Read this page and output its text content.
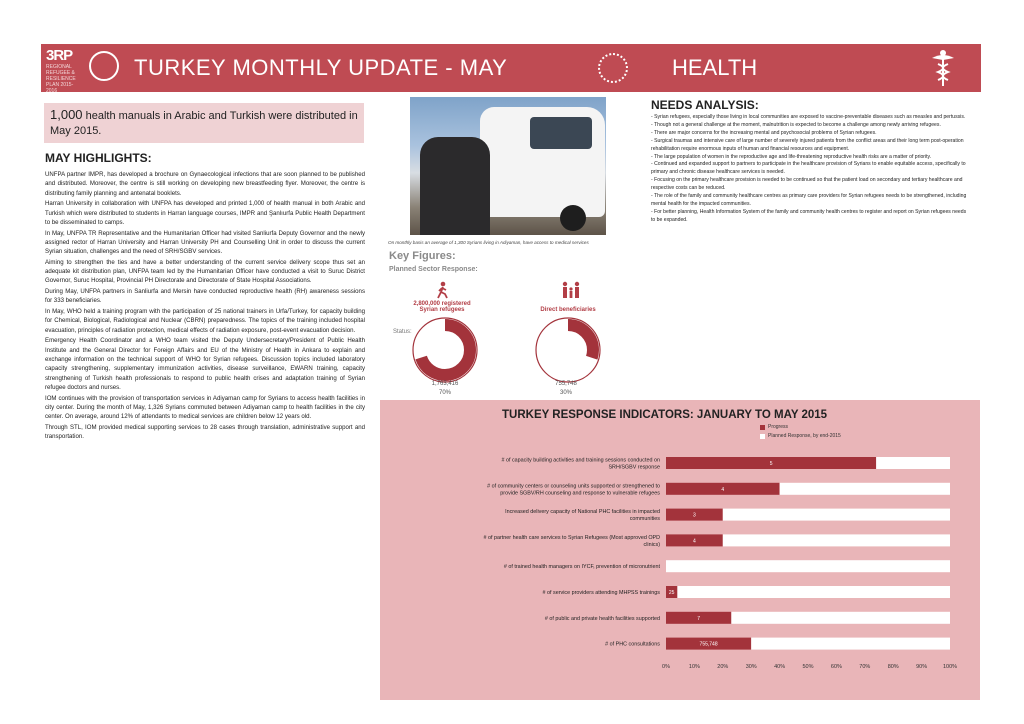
3RP
REGIONAL REFUGEE & RESILIENCE PLAN 2015-2016
TURKEY MONTHLY UPDATE - MAY	HEALTH
1,000 health manuals in Arabic and Turkish were distributed in May 2015.
MAY HIGHLIGHTS:

UNFPA partner IMPR, has developed a brochure on Gynaecological infections that are soon planned to be published and distributed. Moreover, the centre is still working on developing new breastfeeding flyer. Moreover, the centre is distributing family planning and antenatal booklets.

Harran University in collaboration with UNFPA has developed and printed 1,000 of health manual in both Arabic and Turkish which were distributed to students in Harran language courses, IMPR and Şanlıurfa Public Health Department to be disseminated to camps.

In May, UNFPA TR Representative and the Humanitarian Officer had visited Sanliurfa Deputy Governor and the newly assigned rector of Harran University and Harran University PH and Counselling Unit in order to discuss the current Syrian situation, challenges and the need of SRH/SGBV services.

Aiming to strengthen the ties and have a better understanding of the current service delivery scope thus set an adequate kit distribution plan, UNFPA team led by the Humanitarian Officer have conducted a visit to Suruc District Governor, Suruc Hospital, Provincial PH Directorate and Directorate of State Hospital Associations.

During May, UNFPA partners in Sanliurfa and Mersin have conducted reproductive health (RH) awareness sessions for 333 beneficiaries.

In May, WHO held a training program with the participation of 25 national trainers in Urfa/Turkey, for capacity building for Chemical, Biological, Radiological and Nuclear (CBRN) preparedness. The topics of the training included hospital evacuation, principles of radiation protection, medical effects of radiation exposure, post-event evacuation decision.

Emergency Health Coordinator and a WHO team visited the Deputy Undersecretary/President of Public Health Institute and the General Director for Foreign Affairs and EU of the Ministry of Health in Ankara to explain and exchange information on the technical support of WHO for Syrian refugees. Discussion topics included laboratory capacity strengthening, supplementary immunization activities, disease surveillance, EWARN training, capacity strengthening of Turkish health professionals to respond to public health crises and adaptation training of Syrian refugee doctors and nurses.

IOM continues with the provision of transportation services in Adiyaman camp for Syrians to access health facilities in city center. During the month of May, 1,326 Syrians commuted between Adiyaman camp to health facilities in the city center. On average, around 12% of attendants to medical services are children below 12 years old.

Through STL, IOM provided medical supporting services to 28 cases through translation, administrative support and transportation.

On monthly basis an average of 1,300 Syrians living in Adiyaman, have access to medical services
Key Figures:
Planned Sector Response:
Status:
2,800,000 registered Syrian refugees	Direct beneficiaries
1,763,416
70%
755,748
30%
NEEDS ANALYSIS:
- Syrian refugees, especially those living in local communities are exposed to vaccine-preventable diseases such as measles and pertussis.
- Though not a general challenge at the moment, malnutrition is expected to become a challenge among newly arriving refugees.
- There are major concerns for the increasing mental and psychosocial problems of Syrian refugees.
- Surgical traumas and intensive care of large number of severely injured patients from the conflict areas and their long term post-operation rehabilitation require enormous inputs of human and financial resources and equipment.
- The large population of women in the reproductive age and life-threatening reproductive health risks are a matter of priority.
- Continued and expanded support to partners to participate in the healthcare provision of Syrians to enable equitable access, specifically to primary and chronic disease healthcare services is needed.
- Focusing on the primary healthcare provision is needed to be continued so that the patient load on secondary and tertiary healthcare and respective costs can be reduced.
- The role of the family and community healthcare centres as primary care providers for Syrian refugees needs to be strengthened, including mental health for the impacted communities.
- For better planning, Health Information System of the family and community health centres to register and report on Syrian refugees needs to be expanded.
TURKEY RESPONSE INDICATORS: JANUARY TO MAY 2015
Progress
Planned Response, by end-2015
5
# of capacity building activities and training sessions conducted on SRH/SGBV response
4
# of community centers or counseling units supported or strengthened to provide SGBV/RH counseling and response to vulnerable refugees
3
Increased delivery capacity of National PHC facilities in impacted communities
4
# of partner health care services to Syrian Refugees (Most approved OPD clinics)
# of trained health managers on IYCF, prevention of micronutrient
25
# of service providers attending MHPSS trainings
7
# of public and private health facilities supported
755,748
# of PHC consultations
0%	10%	20%	30%	40%	50%	60%	70%	80%	90%	100%
